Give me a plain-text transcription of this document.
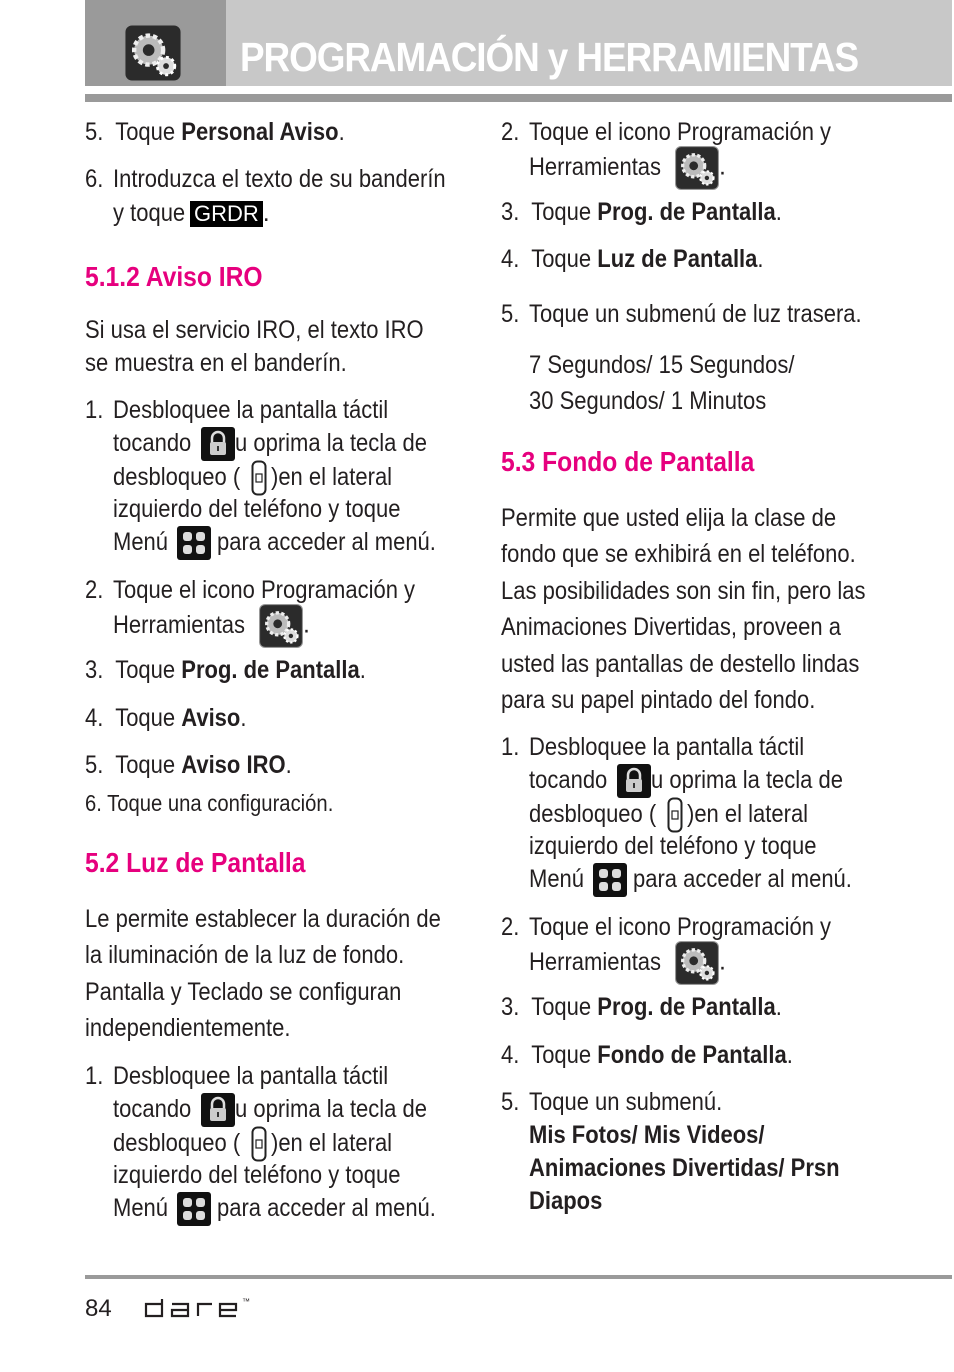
PROGRAMACIÓN y HERRAMIENTAS
5. Toque Personal Aviso.
6. Introduzca el texto de su banderín
y toque GRDR .
5.1.2 Aviso IRO
Si usa el servicio IRO, el texto IRO
se muestra en el banderín.
1. Desbloquee la pantalla táctil
tocando u oprima la tecla de
desbloqueo ( )en el lateral
izquierdo del teléfono y toque
Menú para acceder al menú.
2. Toque el icono Programación y
Herramientas .
3. Toque Prog. de Pantalla.
4. Toque Aviso.
5. Toque Aviso IRO.
6. Toque una configuración.
5.2 Luz de Pantalla
Le permite establecer la duración de
la iluminación de la luz de fondo.
Pantalla y Teclado se configuran
independientemente.
1. Desbloquee la pantalla táctil
tocando u oprima la tecla de
desbloqueo ( )en el lateral
izquierdo del teléfono y toque
Menú para acceder al menú.
2. Toque el icono Programación y
Herramientas .
3. Toque Prog. de Pantalla.
4. Toque Luz de Pantalla.
5. Toque un submenú de luz trasera.
7 Segundos/ 15 Segundos/
30 Segundos/ 1 Minutos
5.3 Fondo de Pantalla
Permite que usted elija la clase de
fondo que se exhibirá en el teléfono.
Las posibilidades son sin fin, pero las
Animaciones Divertidas, proveen a
usted las pantallas de destello lindas
para su papel pintado del fondo.
1. Desbloquee la pantalla táctil
tocando u oprima la tecla de
desbloqueo ( )en el lateral
izquierdo del teléfono y toque
Menú para acceder al menú.
2. Toque el icono Programación y
Herramientas .
3. Toque Prog. de Pantalla.
4. Toque Fondo de Pantalla.
5. Toque un submenú.
Mis Fotos/ Mis Videos/
Animaciones Divertidas/ Prsn
Diapos
84	™
